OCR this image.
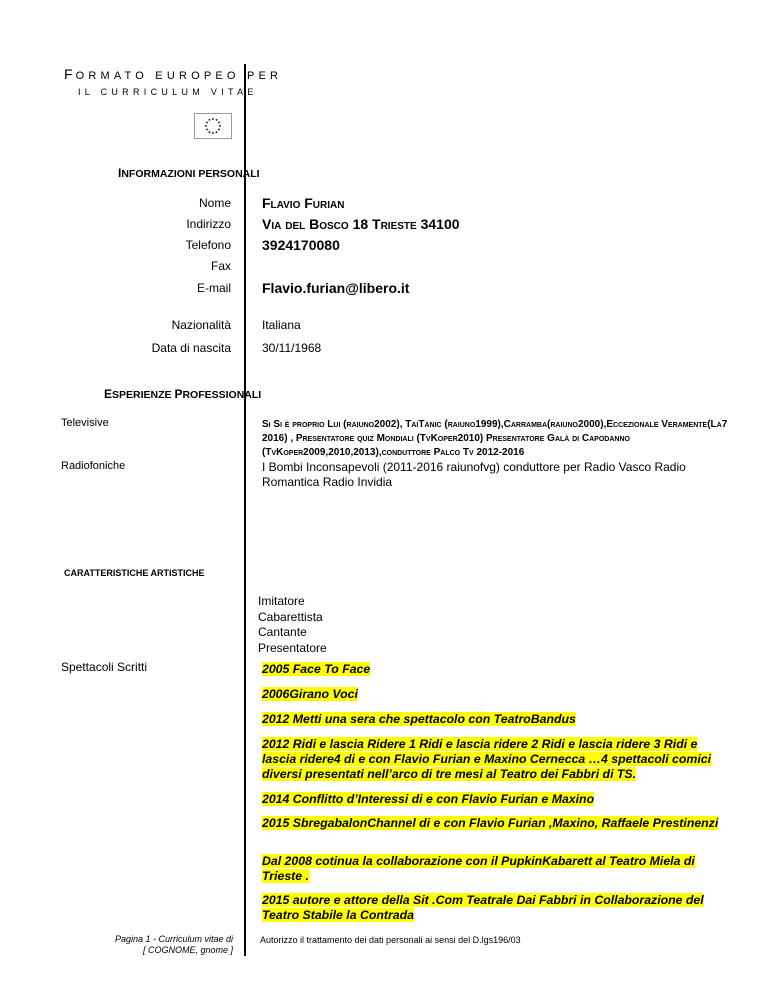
FORMATO EUROPEO PER
IL CURRICULUM VITAE
INFORMAZIONI PERSONALI
Nome Flavio Furian
Indirizzo Via del Bosco 18 Trieste 34100
Telefono 3924170080
Fax
E-mail Flavio.furian@libero.it
Nazionalità	Italiana
Data di nascita	30/11/1968
ESPERIENZE PROFESSIONALI
Televisive	Si Si è proprio Lui (raiuno2002), TaiTanic (raiuno1999),Carramba(raiuno2000),Eccezionale Veramente(La7 2016) , Presentatore quiz Mondiali (TvKoper2010) Presentatore Galà di Capodanno (TvKoper2009,2010,2013),conduttore Palco Tv 2012-2016
Radiofoniche	I Bombi Inconsapevoli (2011-2016 raiunofvg) conduttore per Radio Vasco Radio Romantica Radio Invidia
CARATTERISTICHE ARTISTICHE
Imitatore
Cabarettista
Cantante
Presentatore
Spettacoli Scritti	2005 Face To Face
2006Girano Voci
2012 Metti una sera che spettacolo con TeatroBandus
2012 Ridi e lascia Ridere 1 Ridi e lascia ridere 2 Ridi e lascia ridere 3 Ridi e lascia ridere4 di e con Flavio Furian e Maxino Cernecca …4 spettacoli comici diversi presentati nell’arco di tre mesi al Teatro dei Fabbri di TS.
2014 Conflitto d’Interessi di e con Flavio Furian e Maxino
2015 SbregabalonChannel di e con Flavio Furian ,Maxino, Raffaele Prestinenzi
Dal 2008 cotinua la collaborazione con il PupkinKabarett al Teatro Miela di Trieste .
2015 autore e attore della Sit .Com Teatrale Dai Fabbri in Collaborazione del Teatro Stabile la Contrada
Pagina 1 - Curriculum vitae di
[ COGNOME, gnome ]
Autorizzo il trattamento dei dati personali ai sensi del D.lgs196/03
